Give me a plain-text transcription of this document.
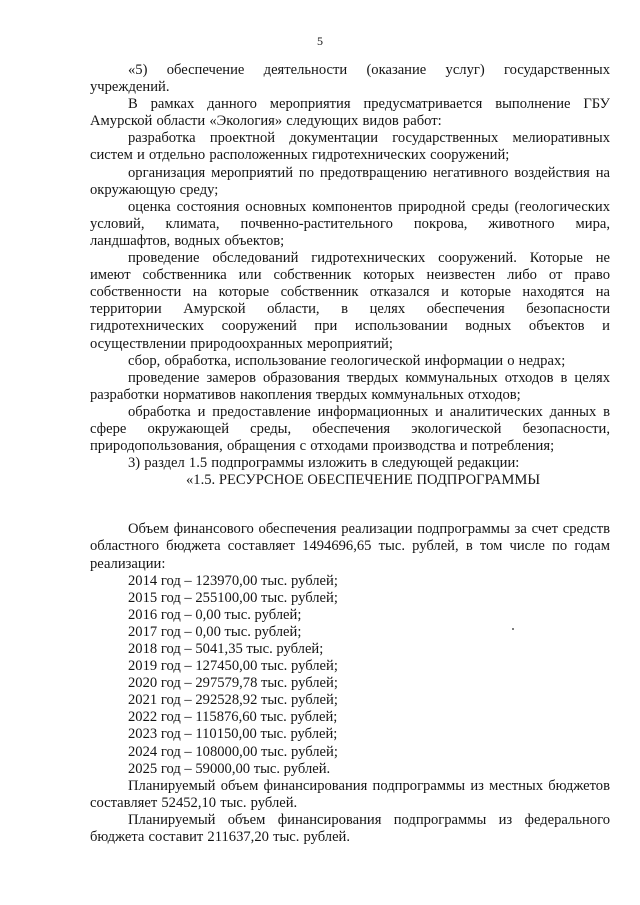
5

«5) обеспечение деятельности (оказание услуг) государственных учреждений.

В рамках данного мероприятия предусматривается выполнение ГБУ Амурской области «Экология» следующих видов работ:

разработка проектной документации государственных мелиоративных систем и отдельно расположенных гидротехнических сооружений;

организация мероприятий по предотвращению негативного воздействия на окружающую среду;

оценка состояния основных компонентов природной среды (геологических условий, климата, почвенно-растительного покрова, животного мира, ландшафтов, водных объектов;

проведение обследований гидротехнических сооружений. Которые не имеют собственника или собственник которых неизвестен либо от право собственности на которые собственник отказался и которые находятся на территории Амурской области, в целях обеспечения безопасности гидротехнических сооружений при использовании водных объектов и осуществлении природоохранных мероприятий;

сбор, обработка, использование геологической информации о недрах;

проведение замеров образования твердых коммунальных отходов в целях разработки нормативов накопления твердых коммунальных отходов;

обработка и предоставление информационных и аналитических данных в сфере окружающей среды, обеспечения экологической безопасности, природопользования, обращения с отходами производства и потребления;

3) раздел 1.5 подпрограммы изложить в следующей редакции:

«1.5. РЕСУРСНОЕ ОБЕСПЕЧЕНИЕ ПОДПРОГРАММЫ

Объем финансового обеспечения реализации подпрограммы за счет средств областного бюджета составляет 1494696,65 тыс. рублей, в том числе по годам реализации:

2014 год – 123970,00 тыс. рублей;
2015 год – 255100,00 тыс. рублей;
2016 год – 0,00 тыс. рублей;
2017 год – 0,00 тыс. рублей;
2018 год – 5041,35 тыс. рублей;
2019 год – 127450,00 тыс. рублей;
2020 год – 297579,78 тыс. рублей;
2021 год – 292528,92 тыс. рублей;
2022 год – 115876,60 тыс. рублей;
2023 год – 110150,00 тыс. рублей;
2024 год – 108000,00 тыс. рублей;
2025 год – 59000,00 тыс. рублей.

Планируемый объем финансирования подпрограммы из местных бюджетов составляет 52452,10 тыс. рублей.

Планируемый объем финансирования подпрограммы из федерального бюджета составит 211637,20 тыс. рублей.
